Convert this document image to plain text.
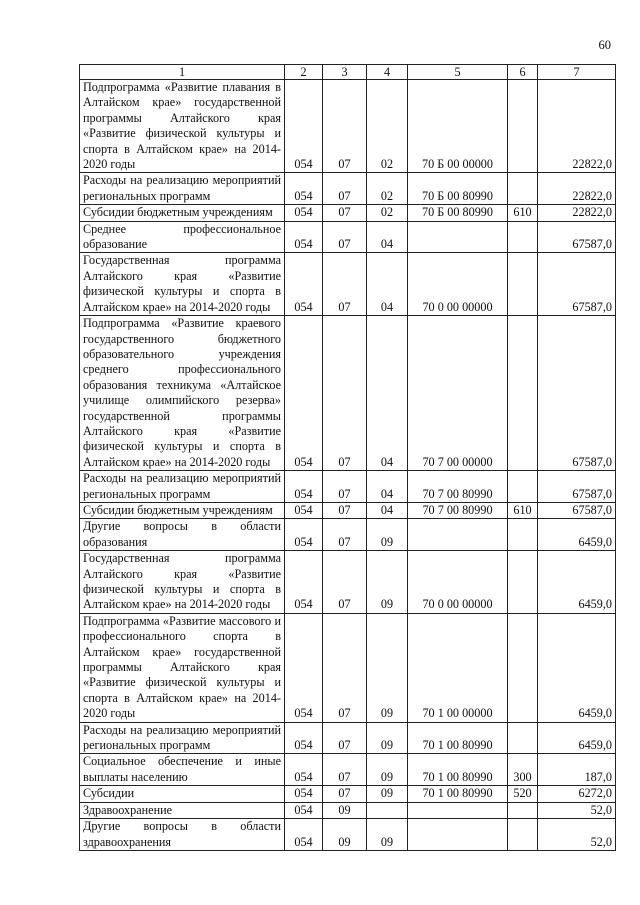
60
1	2	3	4	5	6	7

Подпрограмма «Развитие плавания в Алтайском крае» государственной программы Алтайского края «Развитие физической культуры и спорта в Алтайском крае» на 2014-2020 годы	054	07	02	70 Б 00 00000		22822,0

Расходы на реализацию мероприятий региональных программ	054	07	02	70 Б 00 80990		22822,0

Субсидии бюджетным учреждениям	054	07	02	70 Б 00 80990	610	22822,0

Среднее профессиональное образование	054	07	04			67587,0

Государственная программа Алтайского края «Развитие физической культуры и спорта в Алтайском крае» на 2014-2020 годы	054	07	04	70 0 00 00000		67587,0

Подпрограмма «Развитие краевого государственного бюджетного образовательного учреждения среднего профессионального образования техникума «Алтайское училище олимпийского резерва» государственной программы Алтайского края «Развитие физической культуры и спорта в Алтайском крае» на 2014-2020 годы	054	07	04	70 7 00 00000		67587,0

Расходы на реализацию мероприятий региональных программ	054	07	04	70 7 00 80990		67587,0

Субсидии бюджетным учреждениям	054	07	04	70 7 00 80990	610	67587,0

Другие вопросы в области образования	054	07	09			6459,0

Государственная программа Алтайского края «Развитие физической культуры и спорта в Алтайском крае» на 2014-2020 годы	054	07	09	70 0 00 00000		6459,0

Подпрограмма «Развитие массового и профессионального спорта в Алтайском крае» государственной программы Алтайского края «Развитие физической культуры и спорта в Алтайском крае» на 2014-2020 годы	054	07	09	70 1 00 00000		6459,0

Расходы на реализацию мероприятий региональных программ	054	07	09	70 1 00 80990		6459,0

Социальное обеспечение и иные выплаты населению	054	07	09	70 1 00 80990	300	187,0

Субсидии	054	07	09	70 1 00 80990	520	6272,0

Здравоохранение	054	09				52,0

Другие вопросы в области здравоохранения	054	09	09			52,0
